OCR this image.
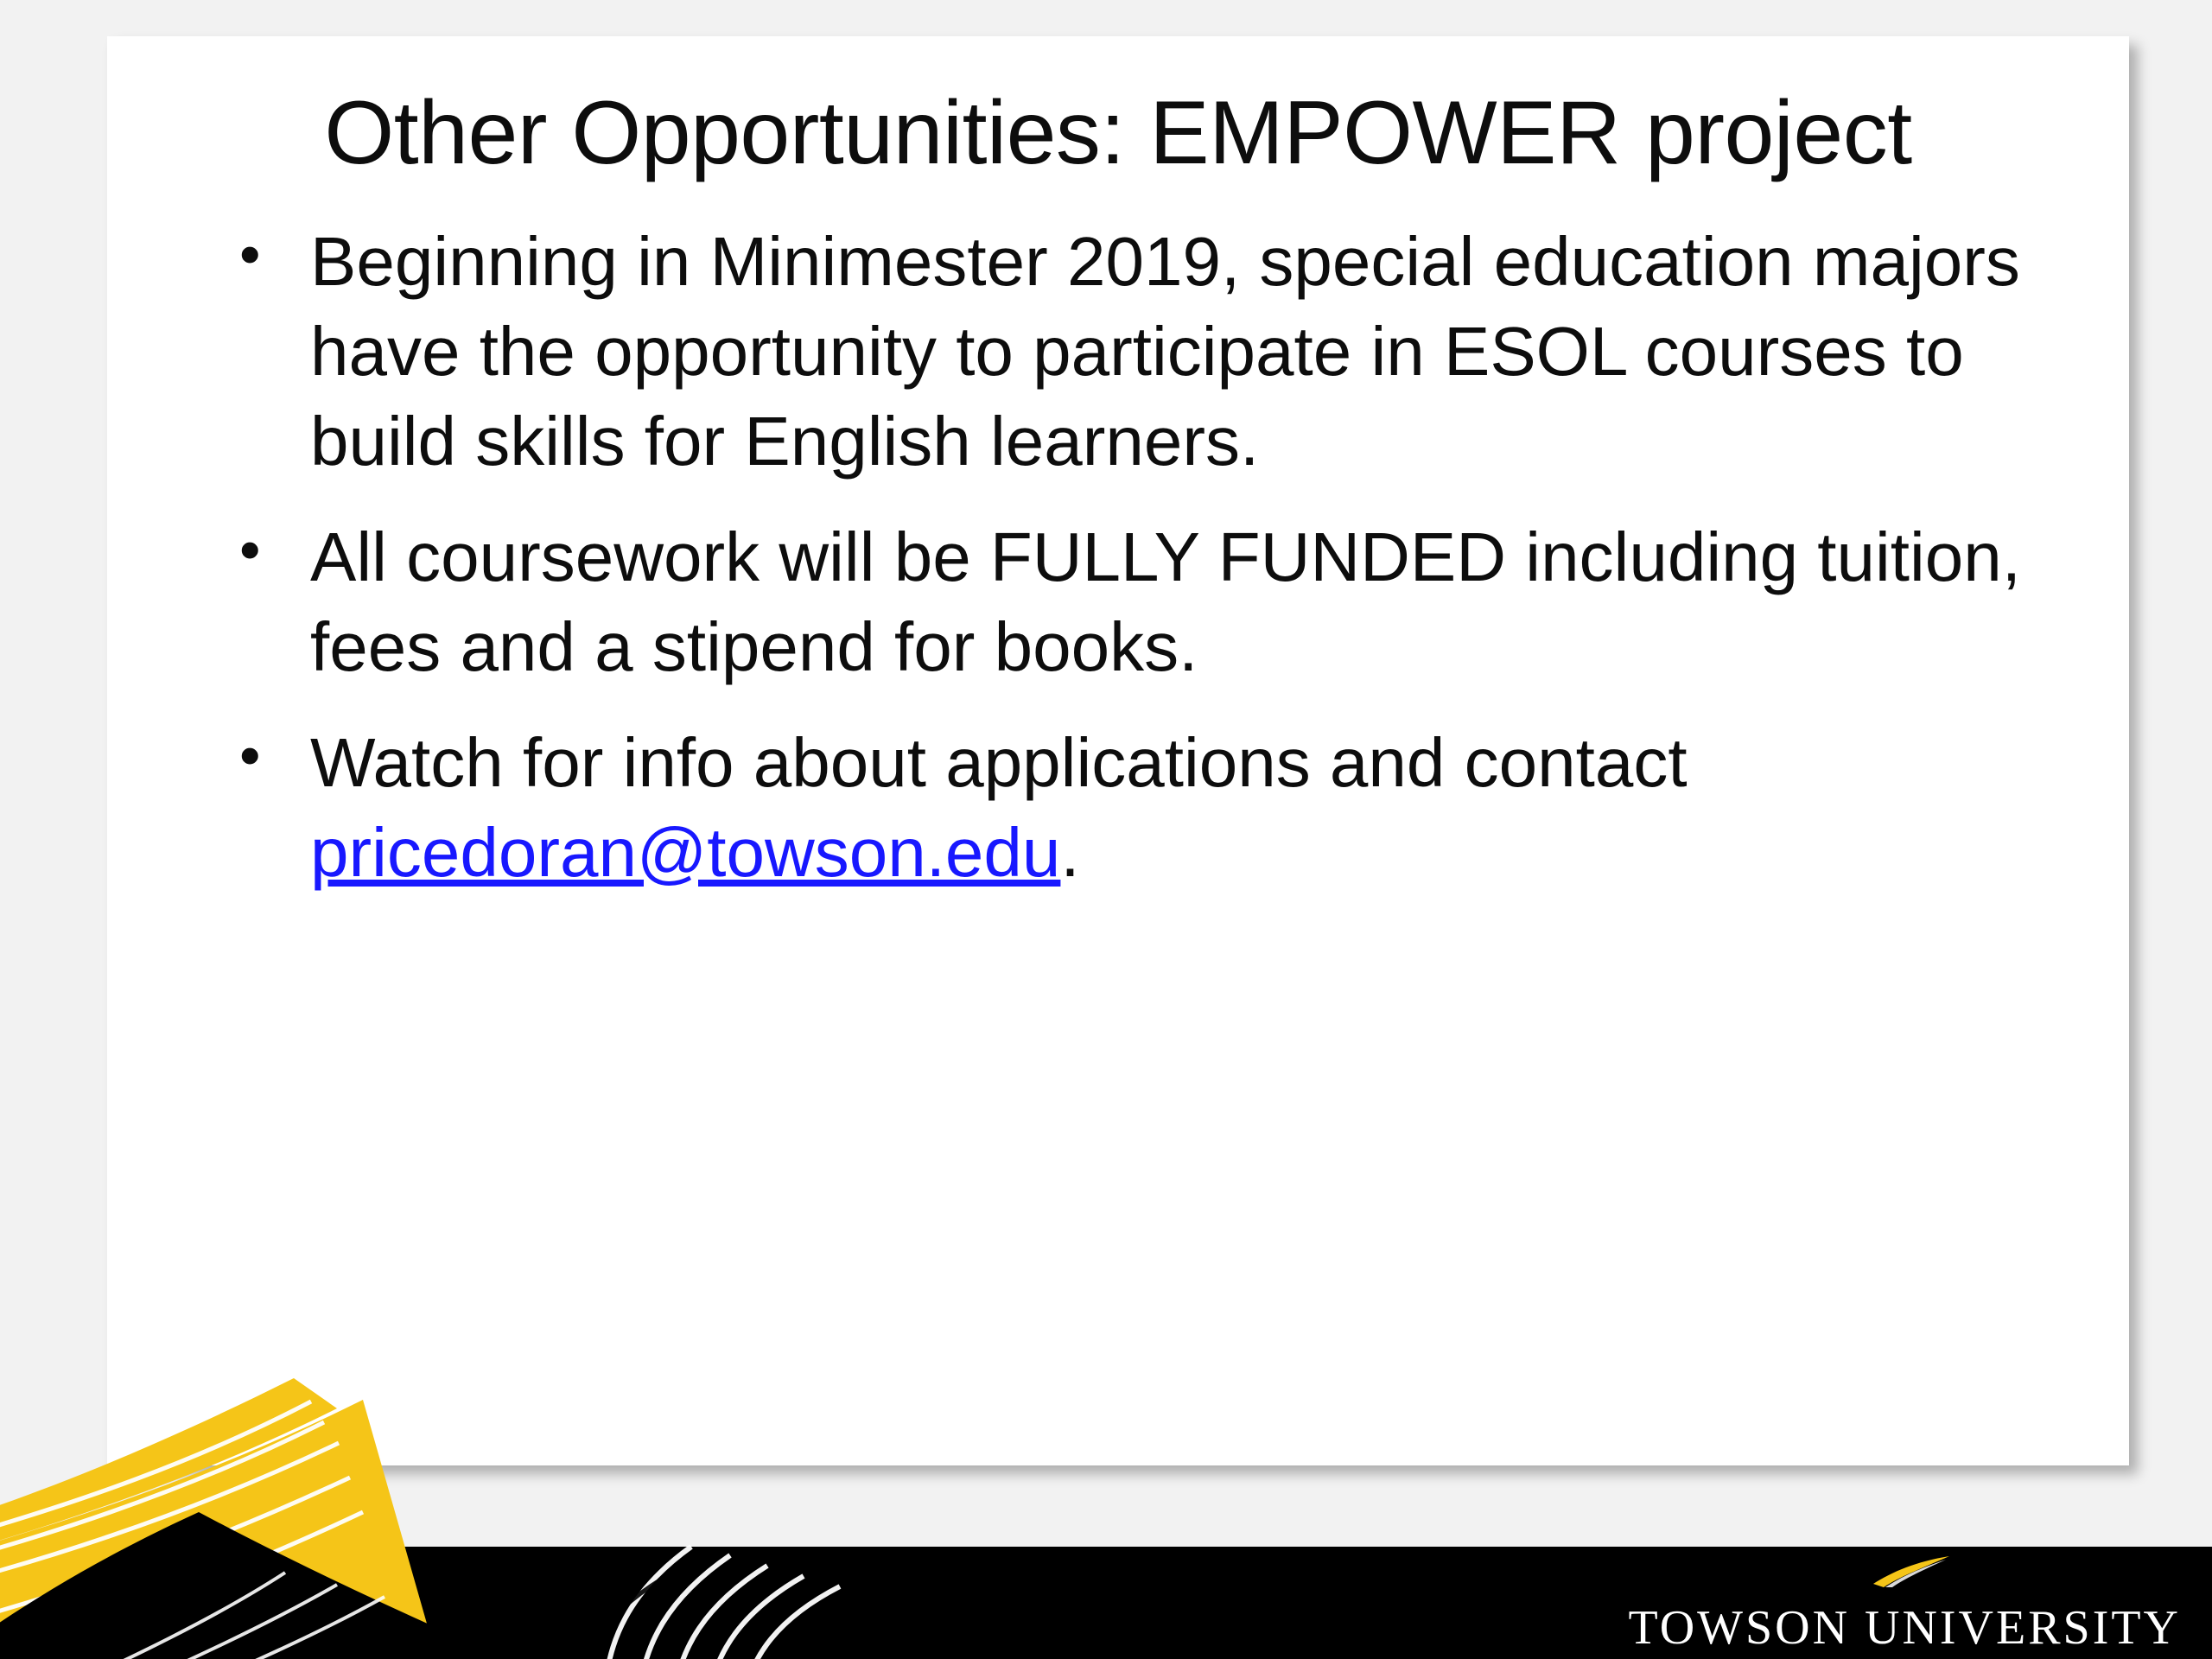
Other Opportunities: EMPOWER project
• Beginning in Minimester 2019, special education majors have the opportunity to participate in ESOL courses to build skills for English learners.
• All coursework will be FULLY FUNDED including tuition, fees and a stipend for books.
• Watch for info about applications and contact pricedoran@towson.edu.
TOWSON UNIVERSITY
